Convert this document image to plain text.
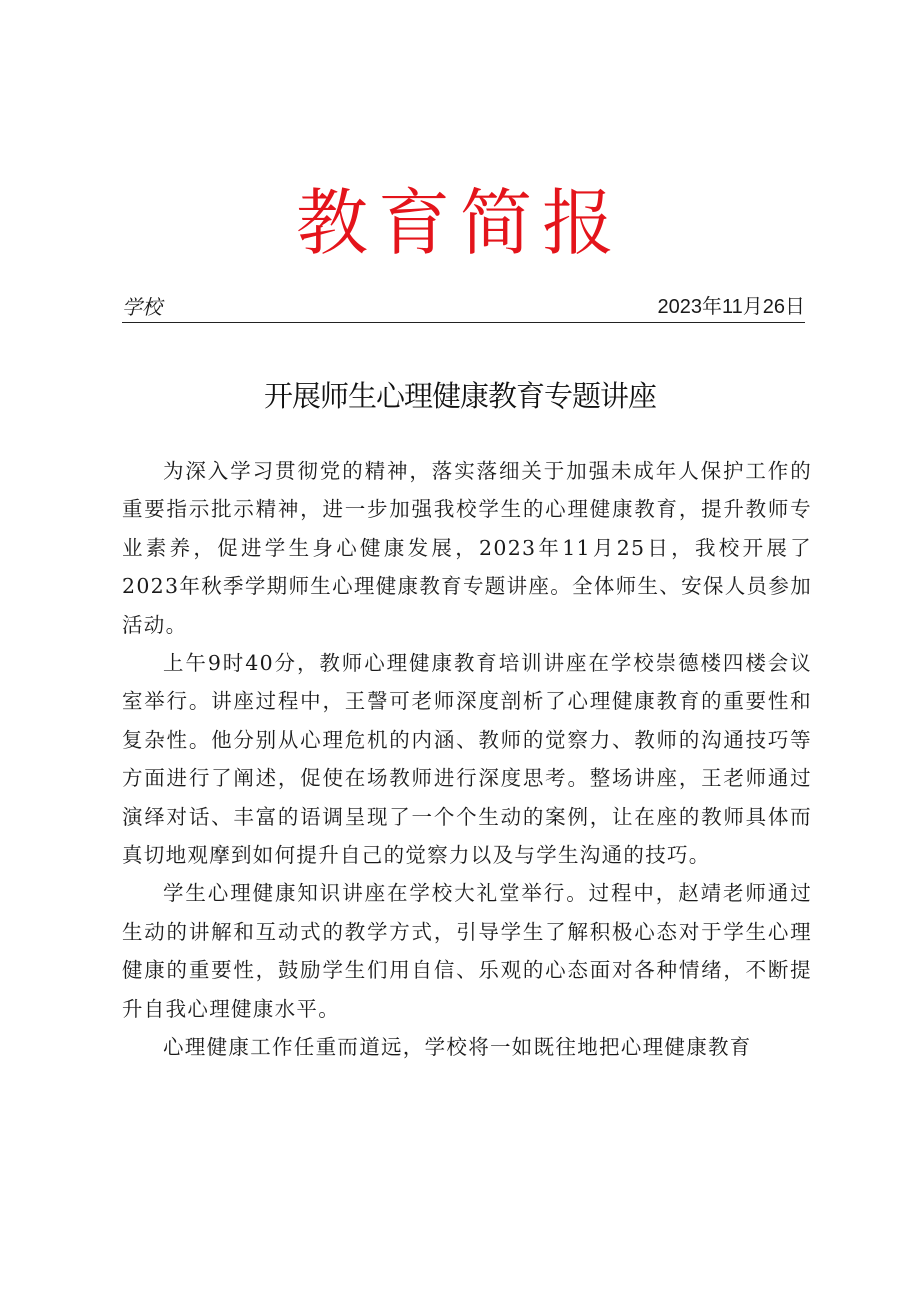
教育简报
学校	2023年11月26日
开展师生心理健康教育专题讲座

为深入学习贯彻党的精神，落实落细关于加强未成年人保护工作的重要指示批示精神，进一步加强我校学生的心理健康教育，提升教师专业素养，促进学生身心健康发展，2023年11月25日，我校开展了2023年秋季学期师生心理健康教育专题讲座。全体师生、安保人员参加活动。

上午9时40分，教师心理健康教育培训讲座在学校崇德楼四楼会议室举行。讲座过程中，王謦可老师深度剖析了心理健康教育的重要性和复杂性。他分别从心理危机的内涵、教师的觉察力、教师的沟通技巧等方面进行了阐述，促使在场教师进行深度思考。整场讲座，王老师通过演绎对话、丰富的语调呈现了一个个生动的案例，让在座的教师具体而真切地观摩到如何提升自己的觉察力以及与学生沟通的技巧。

学生心理健康知识讲座在学校大礼堂举行。过程中，赵靖老师通过生动的讲解和互动式的教学方式，引导学生了解积极心态对于学生心理健康的重要性，鼓励学生们用自信、乐观的心态面对各种情绪，不断提升自我心理健康水平。

心理健康工作任重而道远，学校将一如既往地把心理健康教育
